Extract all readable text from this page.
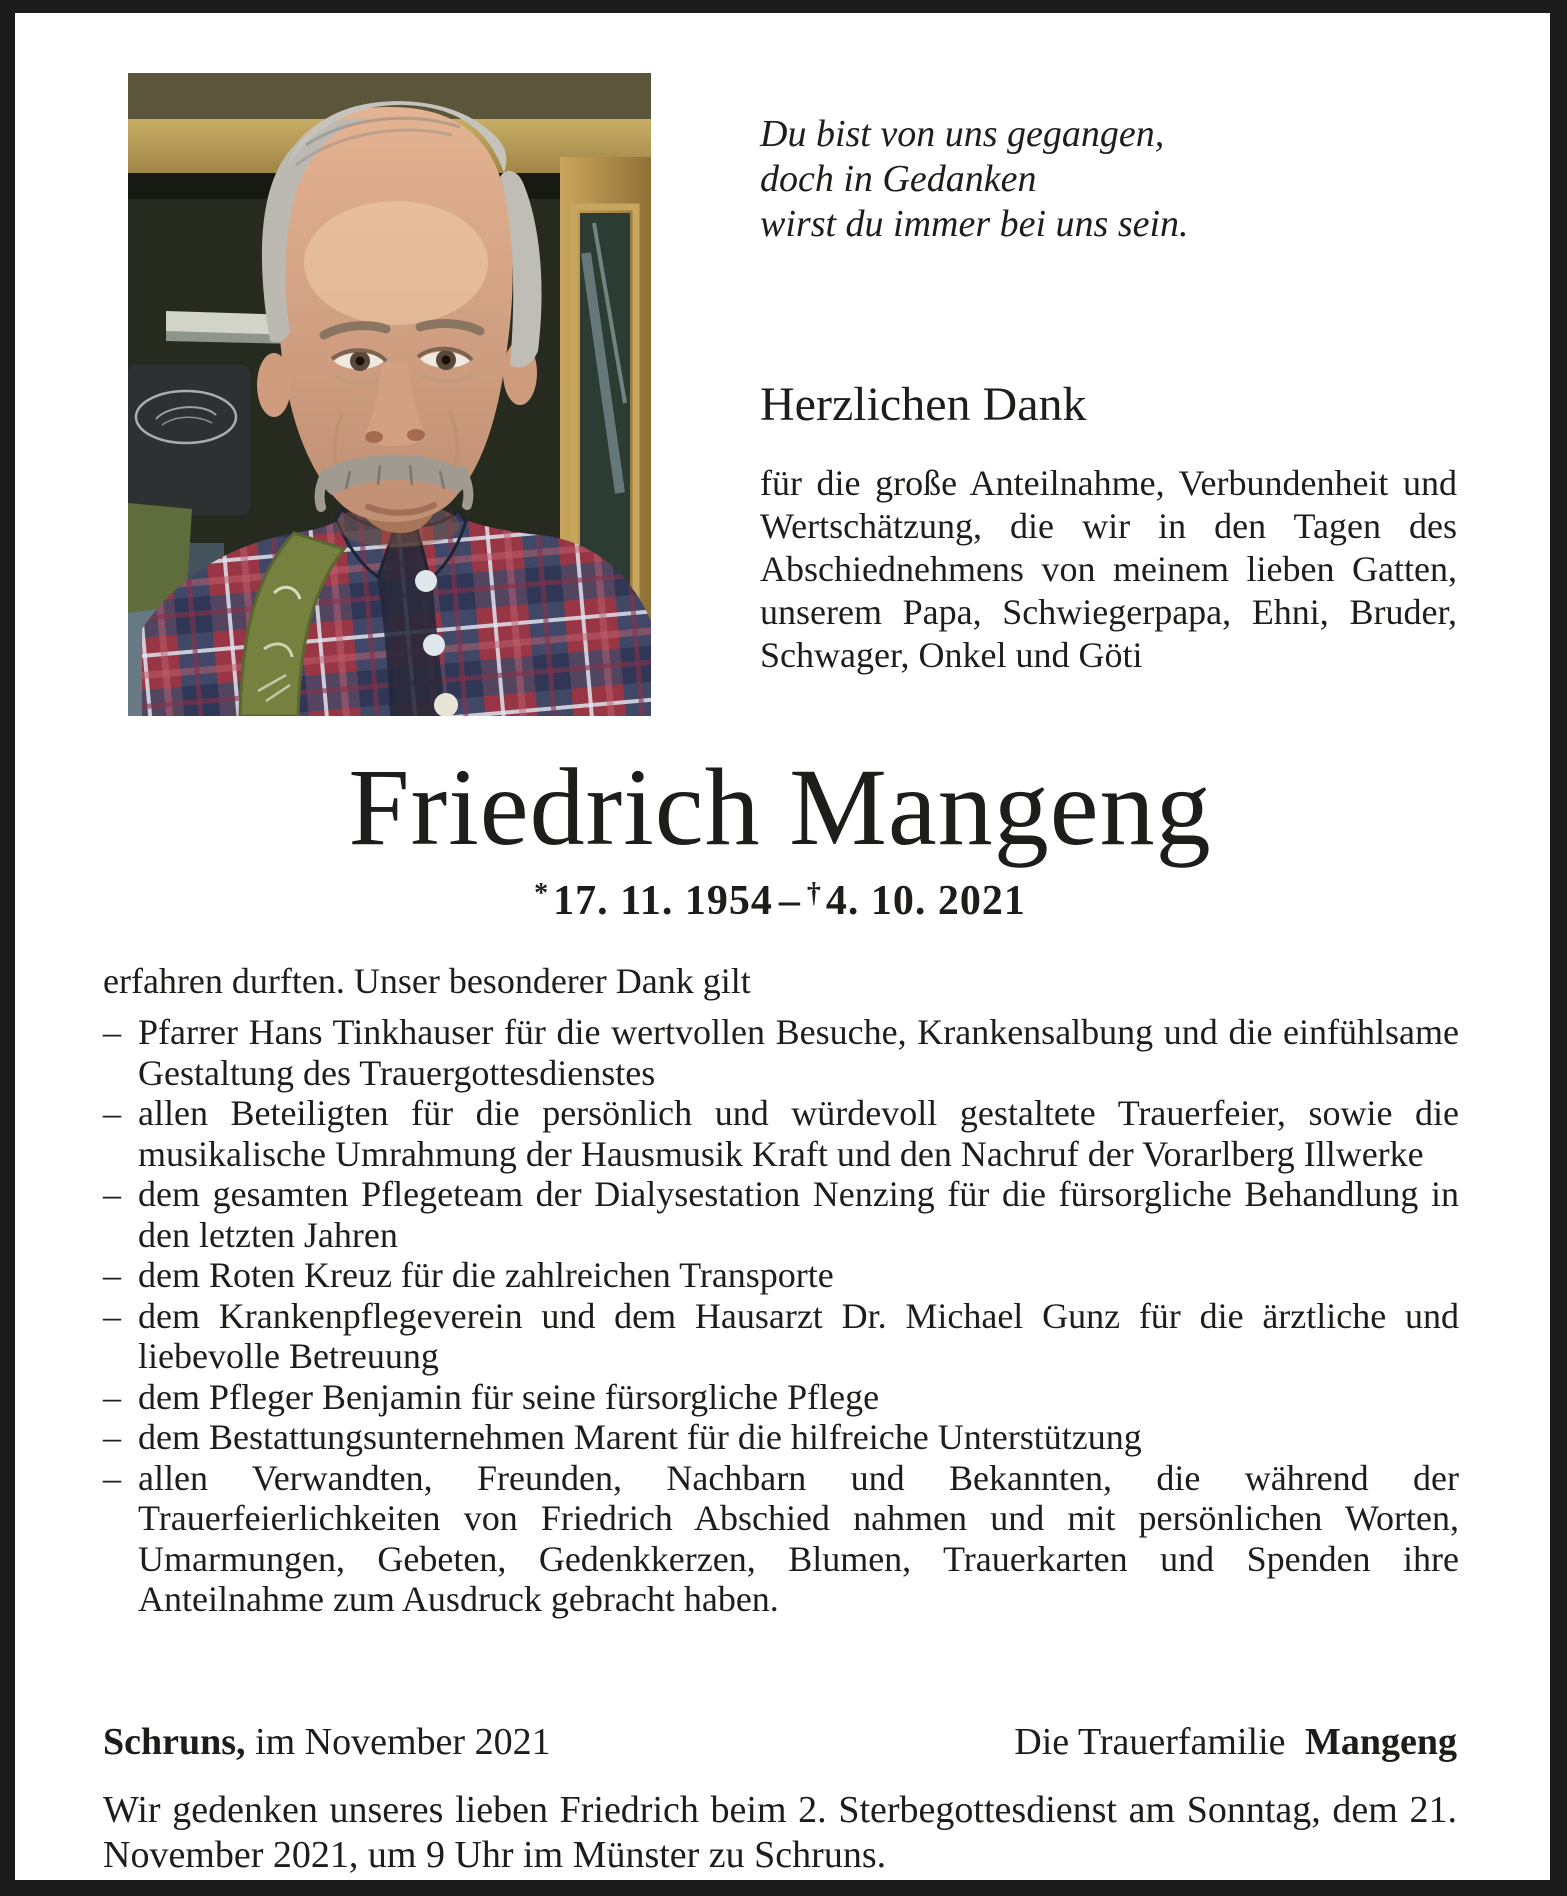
Du bist von uns gegangen,
doch in Gedanken
wirst du immer bei uns sein.
Herzlichen Dank
für die große Anteilnahme, Verbundenheit und Wertschätzung, die wir in den Tagen des Abschiednehmens von meinem lieben Gatten, unserem Papa, Schwiegerpapa, Ehni, Bruder, Schwager, Onkel und Göti
Friedrich Mangeng
*17. 11. 1954 – †4. 10. 2021
erfahren durften. Unser besonderer Dank gilt
– Pfarrer Hans Tinkhauser für die wertvollen Besuche, Krankensalbung und die einfühlsame Gestaltung des Trauergottesdienstes
– allen Beteiligten für die persönlich und würdevoll gestaltete Trauerfeier, sowie die musikalische Umrahmung der Hausmusik Kraft und den Nachruf der Vorarlberg Illwerke
– dem gesamten Pflegeteam der Dialysestation Nenzing für die fürsorgliche Behandlung in den letzten Jahren
– dem Roten Kreuz für die zahlreichen Transporte
– dem Krankenpflegeverein und dem Hausarzt Dr. Michael Gunz für die ärztliche und liebevolle Betreuung
– dem Pfleger Benjamin für seine fürsorgliche Pflege
– dem Bestattungsunternehmen Marent für die hilfreiche Unterstützung
– allen Verwandten, Freunden, Nachbarn und Bekannten, die während der Trauerfeierlichkeiten von Friedrich Abschied nahmen und mit persönlichen Worten, Umarmungen, Gebeten, Gedenkkerzen, Blumen, Trauerkarten und Spenden ihre Anteilnahme zum Ausdruck gebracht haben.
Schruns, im November 2021	Die Trauerfamilie Mangeng
Wir gedenken unseres lieben Friedrich beim 2. Sterbegottesdienst am Sonntag, dem 21. November 2021, um 9 Uhr im Münster zu Schruns.
